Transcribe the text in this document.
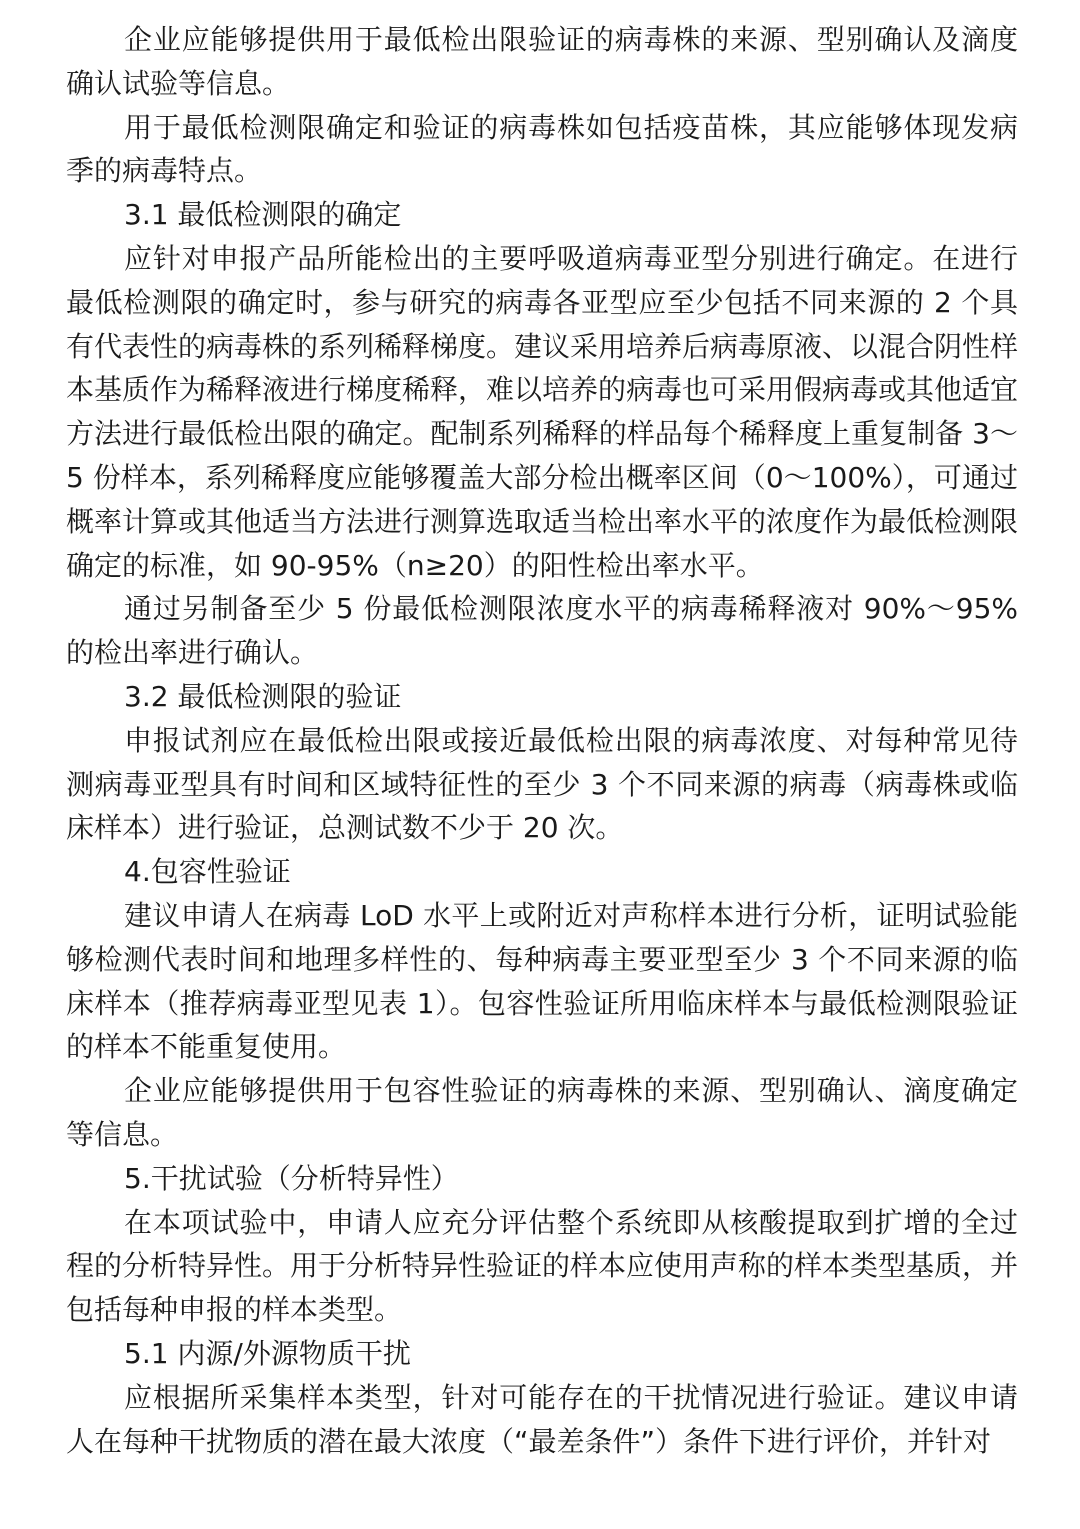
企业应能够提供用于最低检出限验证的病毒株的来源、型别确认及滴度确认试验等信息。

用于最低检测限确定和验证的病毒株如包括疫苗株，其应能够体现发病季的病毒特点。

3.1 最低检测限的确定

应针对申报产品所能检出的主要呼吸道病毒亚型分别进行确定。在进行最低检测限的确定时，参与研究的病毒各亚型应至少包括不同来源的 2 个具有代表性的病毒株的系列稀释梯度。建议采用培养后病毒原液、以混合阴性样本基质作为稀释液进行梯度稀释，难以培养的病毒也可采用假病毒或其他适宜方法进行最低检出限的确定。配制系列稀释的样品每个稀释度上重复制备 3～5 份样本，系列稀释度应能够覆盖大部分检出概率区间（0～100%），可通过概率计算或其他适当方法进行测算选取适当检出率水平的浓度作为最低检测限确定的标准，如 90-95%（n≥20）的阳性检出率水平。

通过另制备至少 5 份最低检测限浓度水平的病毒稀释液对 90%～95% 的检出率进行确认。

3.2 最低检测限的验证

申报试剂应在最低检出限或接近最低检出限的病毒浓度、对每种常见待测病毒亚型具有时间和区域特征性的至少 3 个不同来源的病毒（病毒株或临床样本）进行验证，总测试数不少于 20 次。

4.包容性验证

建议申请人在病毒 LoD 水平上或附近对声称样本进行分析，证明试验能够检测代表时间和地理多样性的、每种病毒主要亚型至少 3 个不同来源的临床样本（推荐病毒亚型见表 1）。包容性验证所用临床样本与最低检测限验证的样本不能重复使用。

企业应能够提供用于包容性验证的病毒株的来源、型别确认、滴度确定等信息。

5.干扰试验（分析特异性）

在本项试验中，申请人应充分评估整个系统即从核酸提取到扩增的全过程的分析特异性。用于分析特异性验证的样本应使用声称的样本类型基质，并包括每种申报的样本类型。

5.1 内源/外源物质干扰

应根据所采集样本类型，针对可能存在的干扰情况进行验证。建议申请人在每种干扰物质的潜在最大浓度（“最差条件”）条件下进行评价，并针对
